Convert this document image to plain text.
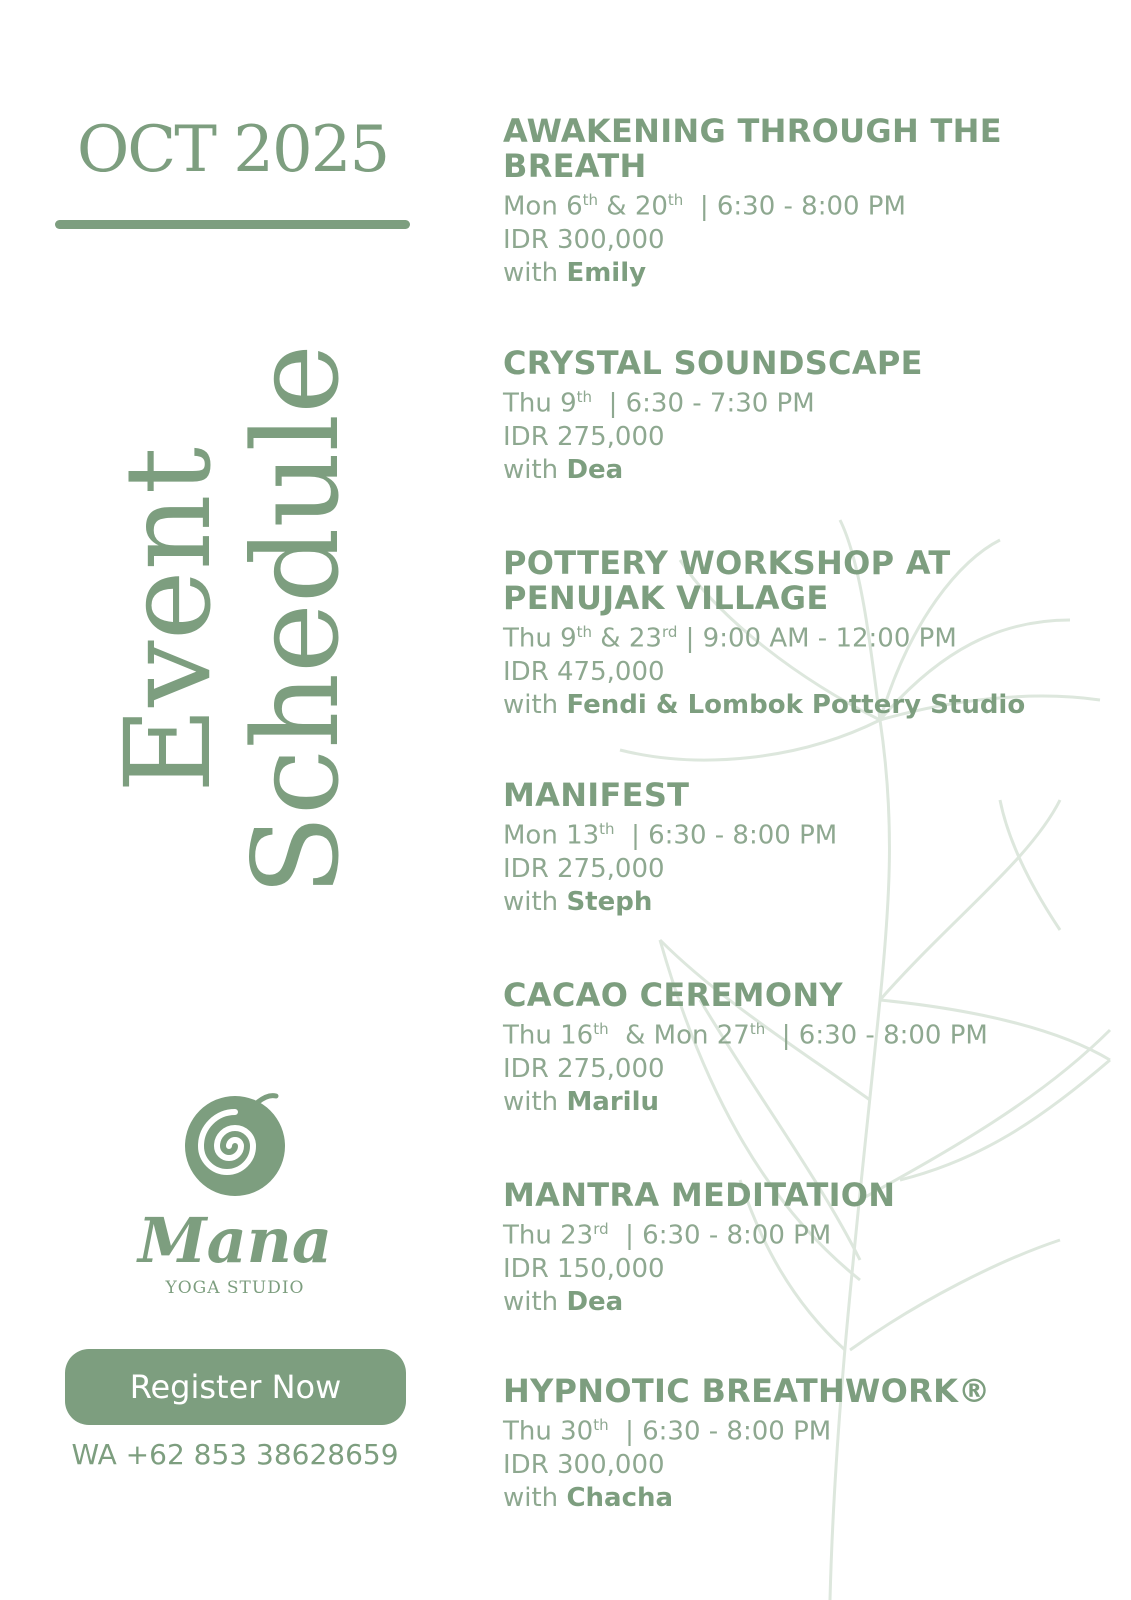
OCT 2025
Event
Schedule
Mana
YOGA STUDIO
Register Now
WA +62 853 38628659
AWAKENING THROUGH THE BREATH
Mon 6th & 20th  | 6:30 - 8:00 PM
IDR 300,000
with Emily
CRYSTAL SOUNDSCAPE
Thu 9th  | 6:30 - 7:30 PM
IDR 275,000
with Dea
POTTERY WORKSHOP AT PENUJAK VILLAGE
Thu 9th & 23rd | 9:00 AM - 12:00 PM
IDR 475,000
with Fendi & Lombok Pottery Studio
MANIFEST
Mon 13th  | 6:30 - 8:00 PM
IDR 275,000
with Steph
CACAO CEREMONY
Thu 16th  & Mon 27th  | 6:30 - 8:00 PM
IDR 275,000
with Marilu
MANTRA MEDITATION
Thu 23rd  | 6:30 - 8:00 PM
IDR 150,000
with Dea
HYPNOTIC BREATHWORK®
Thu 30th  | 6:30 - 8:00 PM
IDR 300,000
with Chacha
